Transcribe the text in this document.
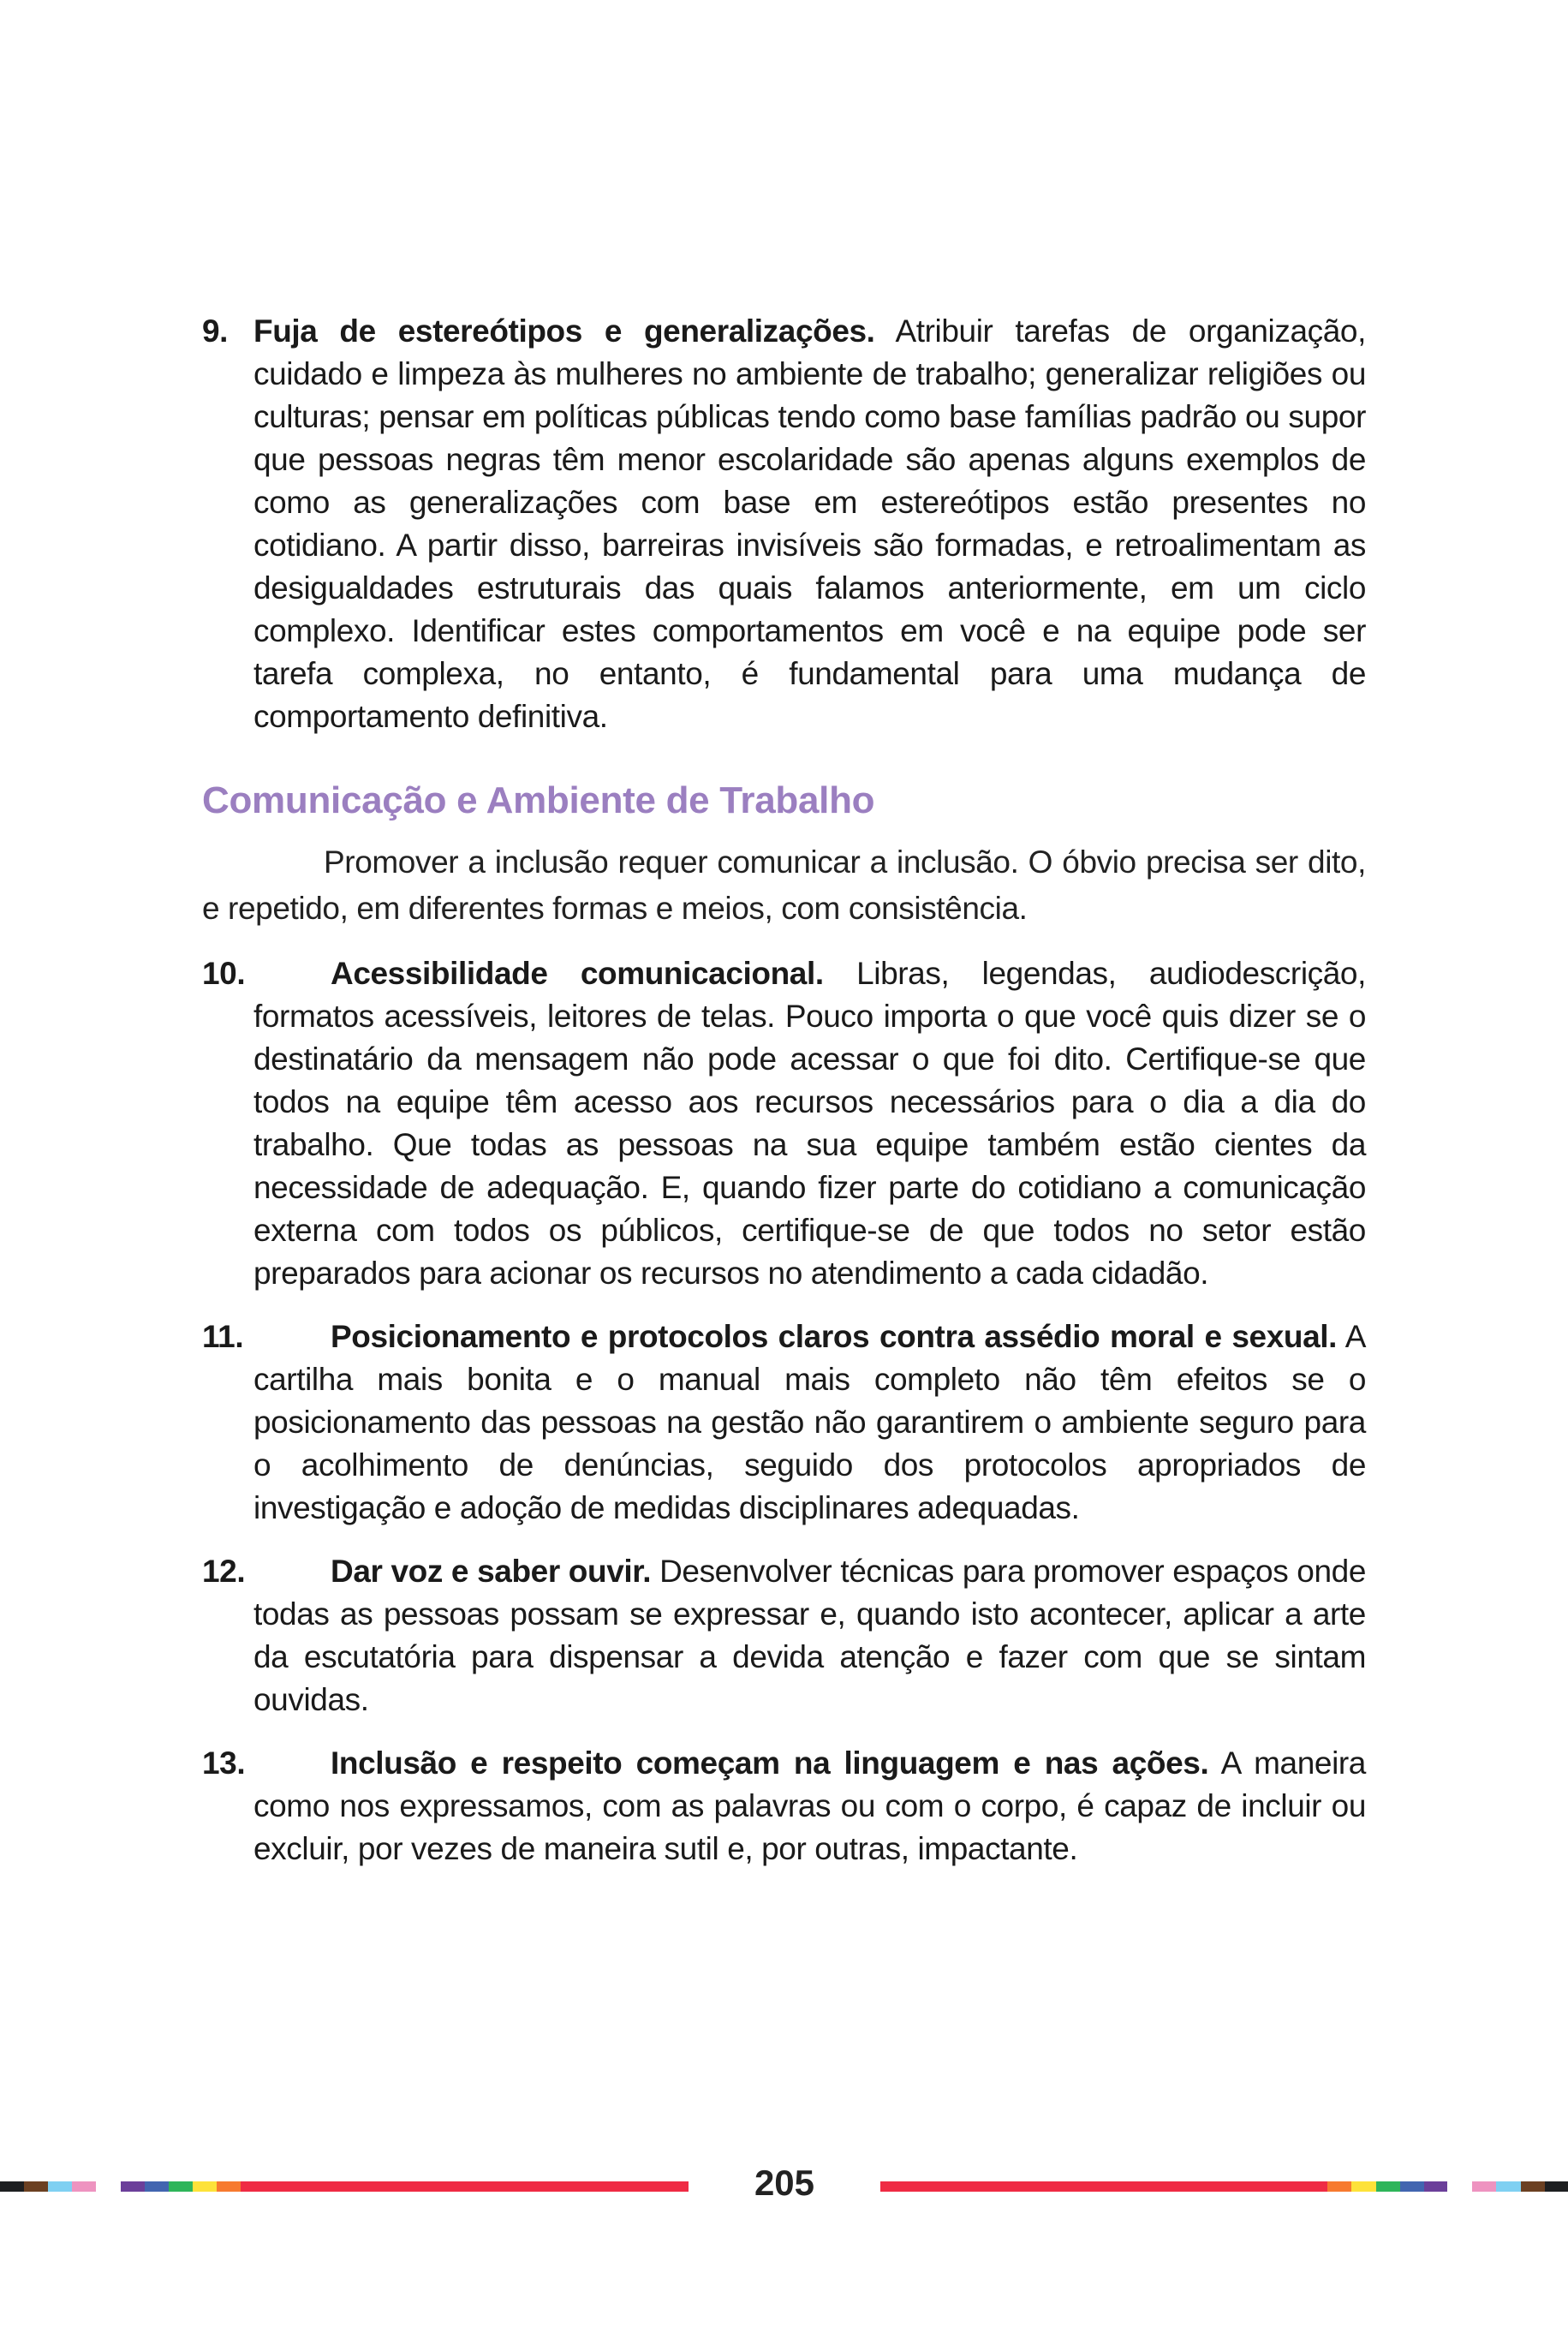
9. Fuja de estereótipos e generalizações. Atribuir tarefas de organização, cuidado e limpeza às mulheres no ambiente de trabalho; generalizar religiões ou culturas; pensar em políticas públicas tendo como base famílias padrão ou supor que pessoas negras têm menor escolaridade são apenas alguns exemplos de como as generalizações com base em estereótipos estão presentes no cotidiano. A partir disso, barreiras invisíveis são formadas, e retroalimentam as desigualdades estruturais das quais falamos anteriormente, em um ciclo complexo. Identificar estes comportamentos em você e na equipe pode ser tarefa complexa, no entanto, é fundamental para uma mudança de comportamento definitiva.
Comunicação e Ambiente de Trabalho
Promover a inclusão requer comunicar a inclusão. O óbvio precisa ser dito, e repetido, em diferentes formas e meios, com consistência.
10.	Acessibilidade comunicacional. Libras, legendas, audiodescrição, formatos acessíveis, leitores de telas. Pouco importa o que você quis dizer se o destinatário da mensagem não pode acessar o que foi dito. Certifique-se que todos na equipe têm acesso aos recursos necessários para o dia a dia do trabalho. Que todas as pessoas na sua equipe também estão cientes da necessidade de adequação. E, quando fizer parte do cotidiano a comunicação externa com todos os públicos, certifique-se de que todos no setor estão preparados para acionar os recursos no atendimento a cada cidadão.
11.	Posicionamento e protocolos claros contra assédio moral e sexual. A cartilha mais bonita e o manual mais completo não têm efeitos se o posicionamento das pessoas na gestão não garantirem o ambiente seguro para o acolhimento de denúncias, seguido dos protocolos apropriados de investigação e adoção de medidas disciplinares adequadas.
12.	Dar voz e saber ouvir. Desenvolver técnicas para promover espaços onde todas as pessoas possam se expressar e, quando isto acontecer, aplicar a arte da escutatória para dispensar a devida atenção e fazer com que se sintam ouvidas.
13.	Inclusão e respeito começam na linguagem e nas ações. A maneira como nos expressamos, com as palavras ou com o corpo, é capaz de incluir ou excluir, por vezes de maneira sutil e, por outras, impactante.
205
